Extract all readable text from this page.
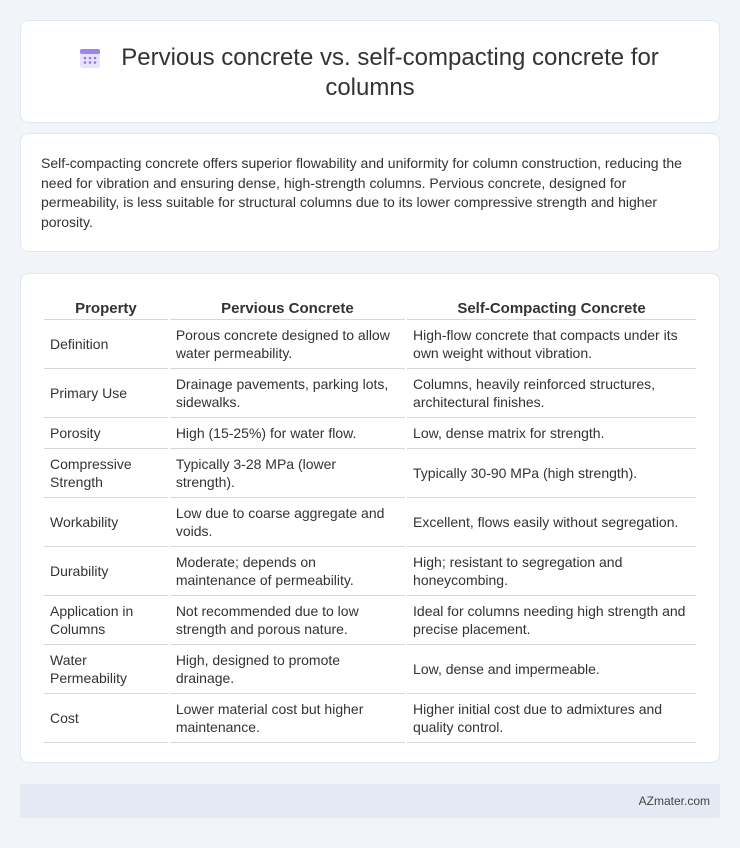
Pervious concrete vs. self-compacting concrete for
columns

Self-compacting concrete offers superior flowability and uniformity for column construction, reducing the need for vibration and ensuring dense, high-strength columns. Pervious concrete, designed for permeability, is less suitable for structural columns due to its lower compressive strength and higher porosity.

Property	Pervious Concrete	Self-Compacting Concrete
Definition	Porous concrete designed to allow water permeability.	High-flow concrete that compacts under its own weight without vibration.
Primary Use	Drainage pavements, parking lots, sidewalks.	Columns, heavily reinforced structures, architectural finishes.
Porosity	High (15-25%) for water flow.	Low, dense matrix for strength.
Compressive Strength	Typically 3-28 MPa (lower strength).	Typically 30-90 MPa (high strength).
Workability	Low due to coarse aggregate and voids.	Excellent, flows easily without segregation.
Durability	Moderate; depends on maintenance of permeability.	High; resistant to segregation and honeycombing.
Application in Columns	Not recommended due to low strength and porous nature.	Ideal for columns needing high strength and precise placement.
Water Permeability	High, designed to promote drainage.	Low, dense and impermeable.
Cost	Lower material cost but higher maintenance.	Higher initial cost due to admixtures and quality control.
AZmater.com
